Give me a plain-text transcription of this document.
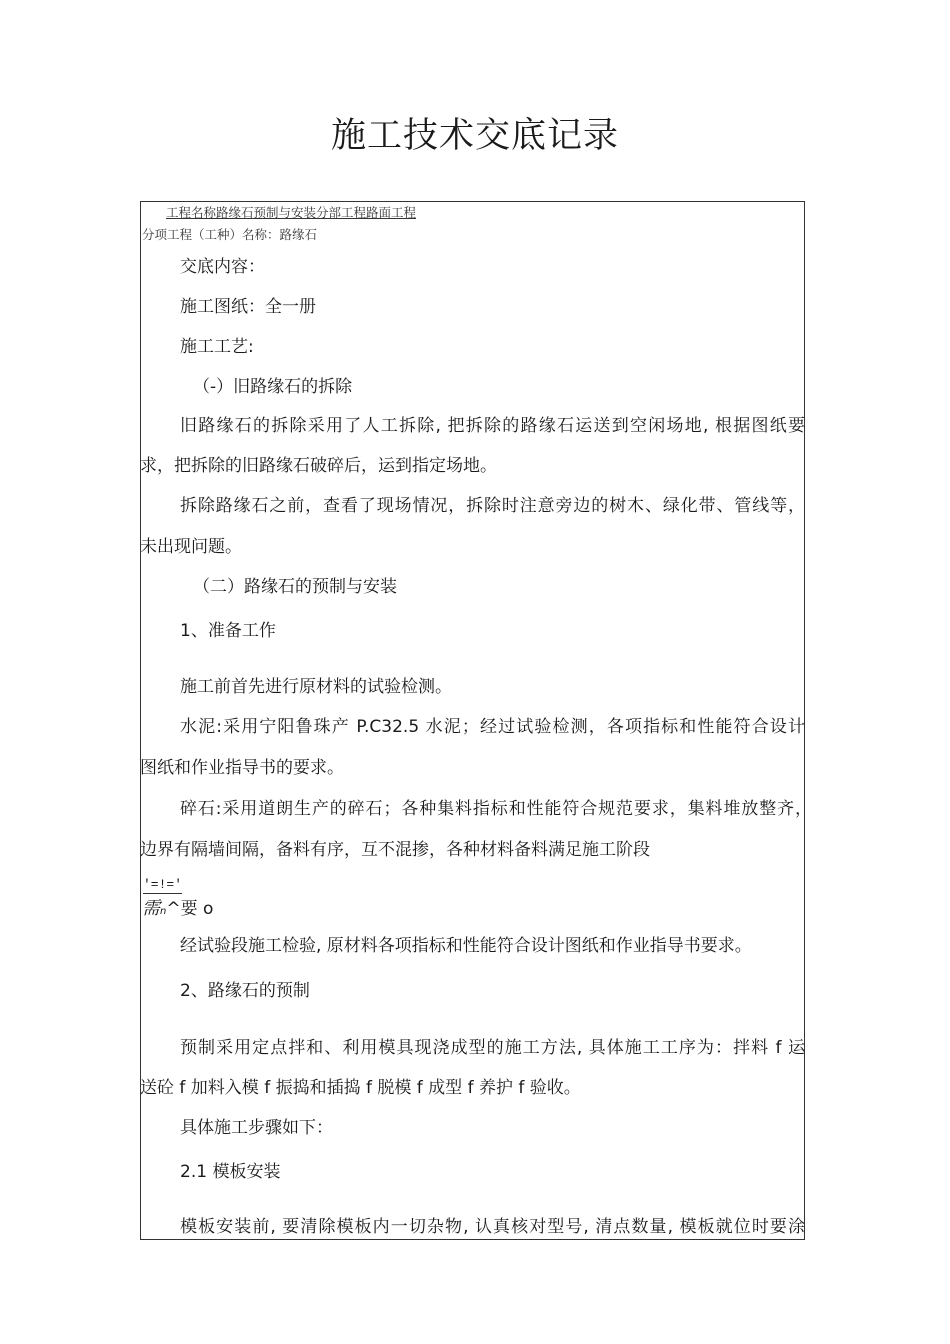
施工技术交底记录
工程名称路缘石预制与安装分部工程路面工程
分项工程（工种）名称：路缘石
交底内容：
施工图纸：全一册
施工工艺:
（-）旧路缘石的拆除
旧路缘石的拆除采用了人工拆除, 把拆除的路缘石运送到空闲场地, 根据图纸要
求，把拆除的旧路缘石破碎后，运到指定场地。
拆除路缘石之前，查看了现场情况，拆除时注意旁边的树木、绿化带、管线等，
未出现问题。
（二）路缘石的预制与安装
1、准备工作
施工前首先进行原材料的试验检测。
水泥:采用宁阳鲁珠产 P.C32.5 水泥；经过试验检测，各项指标和性能符合设计
图纸和作业指导书的要求。
碎石:采用道朗生产的碎石；各种集料指标和性能符合规范要求，集料堆放整齐，
边界有隔墙间隔，备料有序，互不混掺，各种材料备料满足施工阶段
'=!='
需n^要 o
经试验段施工检验, 原材料各项指标和性能符合设计图纸和作业指导书要求。
2、路缘石的预制
预制采用定点拌和、利用模具现浇成型的施工方法, 具体施工工序为：拌料 f 运
送砼 f 加料入模 f 振捣和插捣 f 脱模 f 成型 f 养护 f 验收。
具体施工步骤如下：
2.1 模板安装
模板安装前, 要清除模板内一切杂物, 认真核对型号, 清点数量, 模板就位时要涂
